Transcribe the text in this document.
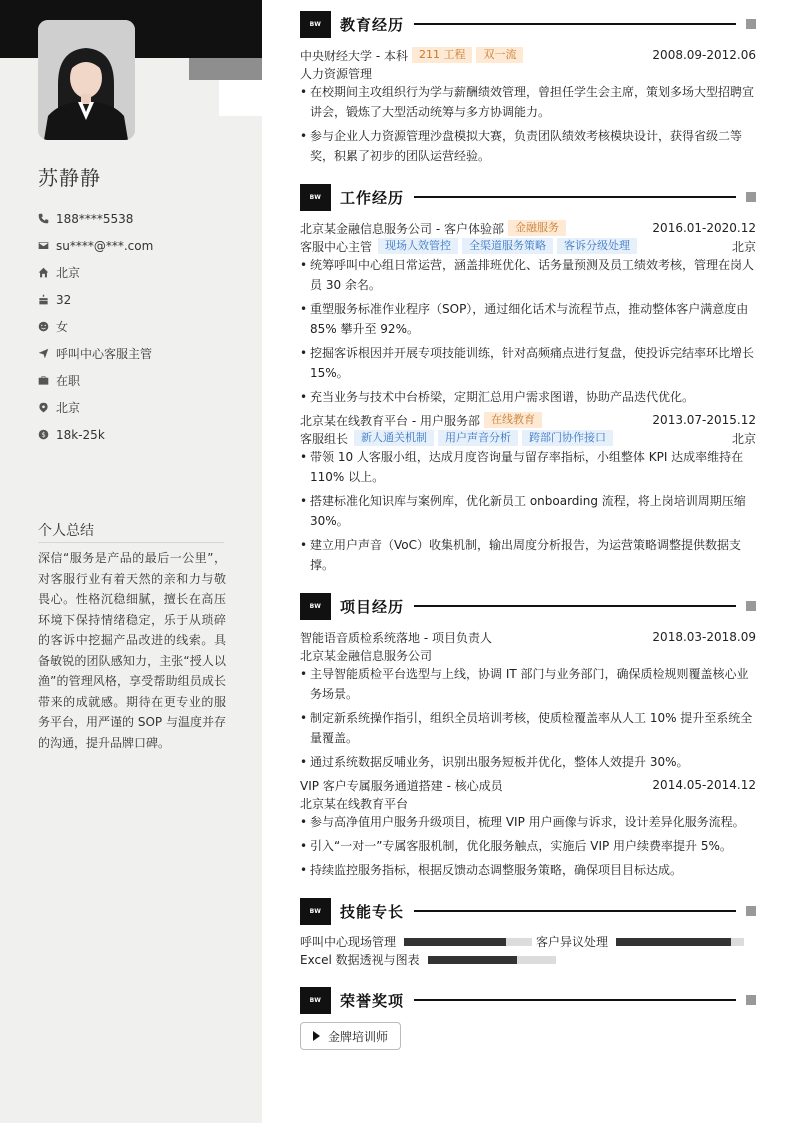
苏静静
188****5538
su****@***.com
北京
32
女
呼叫中心客服主管
在职
北京
$ 18k-25k
个人总结
深信“服务是产品的最后一公里”，对客服行业有着天然的亲和力与敬畏心。性格沉稳细腻，擅长在高压环境下保持情绪稳定，乐于从琐碎的客诉中挖掘产品改进的线索。具备敏锐的团队感知力，主张“授人以渔”的管理风格，享受帮助组员成长带来的成就感。期待在更专业的服务平台，用严谨的 SOP 与温度并存的沟通，提升品牌口碑。
BW	教育经历
中央财经大学 - 本科	211 工程	双一流	2008.09-2012.06
人力资源管理
• 在校期间主攻组织行为学与薪酬绩效管理，曾担任学生会主席，策划多场大型招聘宣讲会，锻炼了大型活动统筹与多方协调能力。
• 参与企业人力资源管理沙盘模拟大赛，负责团队绩效考核模块设计，获得省级二等奖，积累了初步的团队运营经验。
BW	工作经历
北京某金融信息服务公司 - 客户体验部	金融服务	2016.01-2020.12
客服中心主管	现场人效管控	全渠道服务策略	客诉分级处理	北京
• 统筹呼叫中心组日常运营，涵盖排班优化、话务量预测及员工绩效考核，管理在岗人员 30 余名。
• 重塑服务标准作业程序（SOP），通过细化话术与流程节点，推动整体客户满意度由 85% 攀升至 92%。
• 挖掘客诉根因并开展专项技能训练，针对高频痛点进行复盘，使投诉完结率环比增长 15%。
• 充当业务与技术中台桥梁，定期汇总用户需求图谱，协助产品迭代优化。
北京某在线教育平台 - 用户服务部	在线教育	2013.07-2015.12
客服组长	新人通关机制	用户声音分析	跨部门协作接口	北京
• 带领 10 人客服小组，达成月度咨询量与留存率指标，小组整体 KPI 达成率维持在 110% 以上。
• 搭建标准化知识库与案例库，优化新员工 onboarding 流程，将上岗培训周期压缩 30%。
• 建立用户声音（VoC）收集机制，输出周度分析报告，为运营策略调整提供数据支撑。
BW	项目经历
智能语音质检系统落地 - 项目负责人	2018.03-2018.09
北京某金融信息服务公司
• 主导智能质检平台选型与上线，协调 IT 部门与业务部门，确保质检规则覆盖核心业务场景。
• 制定新系统操作指引，组织全员培训考核，使质检覆盖率从人工 10% 提升至系统全量覆盖。
• 通过系统数据反哺业务，识别出服务短板并优化，整体人效提升 30%。
VIP 客户专属服务通道搭建 - 核心成员	2014.05-2014.12
北京某在线教育平台
• 参与高净值用户服务升级项目，梳理 VIP 用户画像与诉求，设计差异化服务流程。
• 引入“一对一”专属客服机制，优化服务触点，实施后 VIP 用户续费率提升 5%。
• 持续监控服务指标，根据反馈动态调整服务策略，确保项目目标达成。
BW	技能专长
呼叫中心现场管理	客户异议处理
Excel 数据透视与图表
BW	荣誉奖项
金牌培训师
